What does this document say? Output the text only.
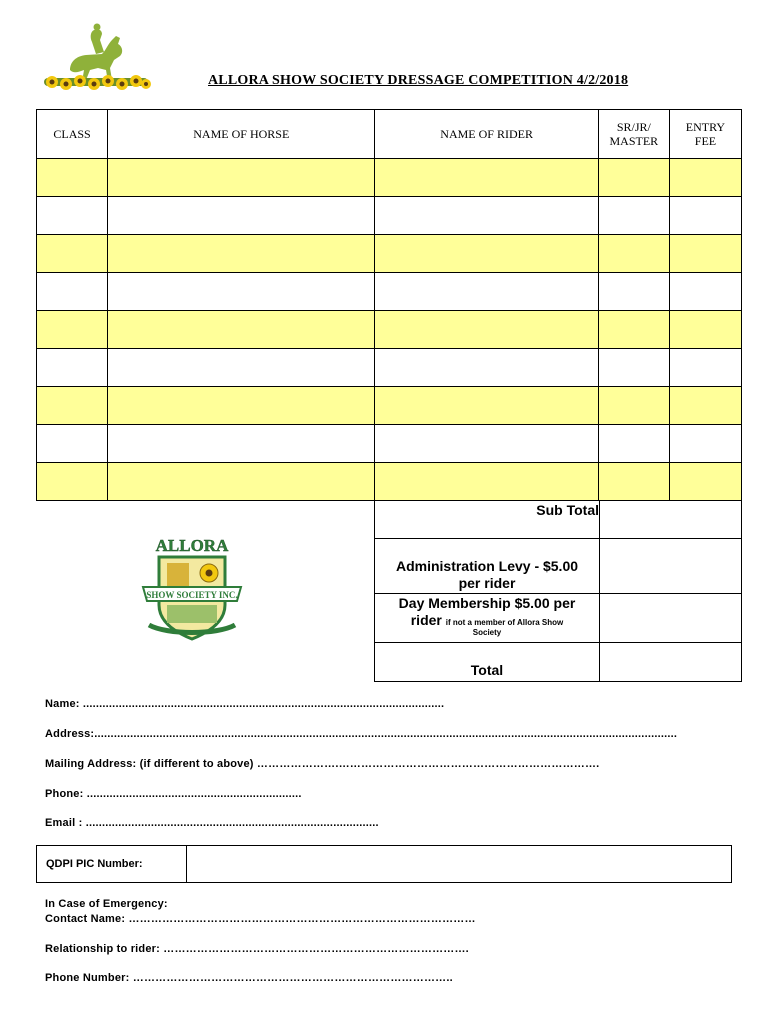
ALLORA SHOW SOCIETY DRESSAGE COMPETITION 4/2/2018
CLASS	NAME OF HORSE	NAME OF RIDER	SR/JR/ MASTER	ENTRY FEE

ALLORA
SHOW SOCIETY INC.
Sub Total
Administration Levy - $5.00
per rider
Day Membership $5.00 per
rider if not a member of Allora Show
Society
Total
Name: ...............................................................................................................
Address:...................................................................................................................................................................................
Mailing Address: (if different to above) ………………….…………………………………………………………….
Phone: ..................................................................
Email : ..........................................................................................
QDPI PIC Number:
In Case of Emergency:
Contact Name: …………………………………………………………………………………
Relationship to rider: ……………………………………………………………………….
Phone Number: …………………………………………………………………………..
